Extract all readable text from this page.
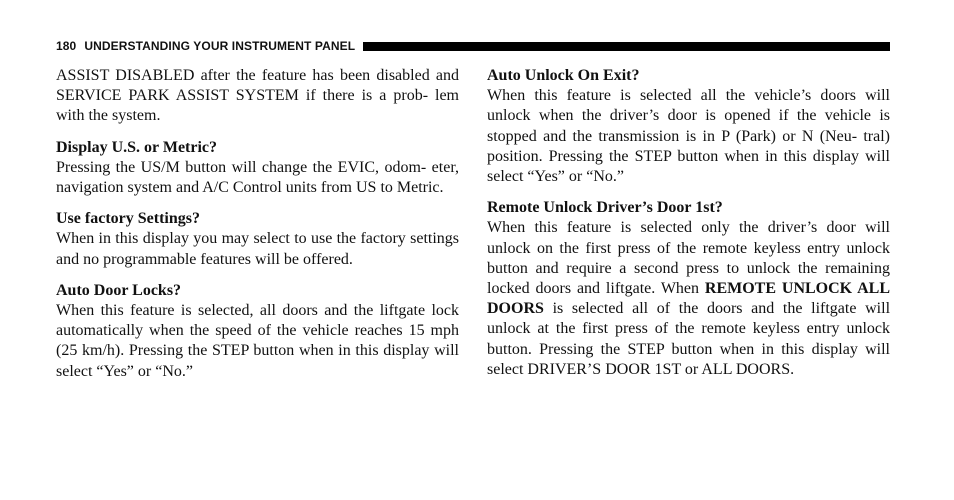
180 UNDERSTANDING YOUR INSTRUMENT PANEL

ASSIST DISABLED after the feature has been disabled and SERVICE PARK ASSIST SYSTEM if there is a prob- lem with the system.

Display U.S. or Metric?

Pressing the US/M button will change the EVIC, odom- eter, navigation system and A/C Control units from US to Metric.

Use factory Settings?

When in this display you may select to use the factory settings and no programmable features will be offered.

Auto Door Locks?

When this feature is selected, all doors and the liftgate lock automatically when the speed of the vehicle reaches 15 mph (25 km/h). Pressing the STEP button when in this display will select “Yes” or “No.”

Auto Unlock On Exit?

When this feature is selected all the vehicle’s doors will unlock when the driver’s door is opened if the vehicle is stopped and the transmission is in P (Park) or N (Neu- tral) position. Pressing the STEP button when in this display will select “Yes” or “No.”

Remote Unlock Driver’s Door 1st?

When this feature is selected only the driver’s door will unlock on the first press of the remote keyless entry unlock button and require a second press to unlock the remaining locked doors and liftgate. When REMOTE UNLOCK ALL DOORS is selected all of the doors and the liftgate will unlock at the first press of the remote keyless entry unlock button. Pressing the STEP button when in this display will select DRIVER’S DOOR 1ST or ALL DOORS.
